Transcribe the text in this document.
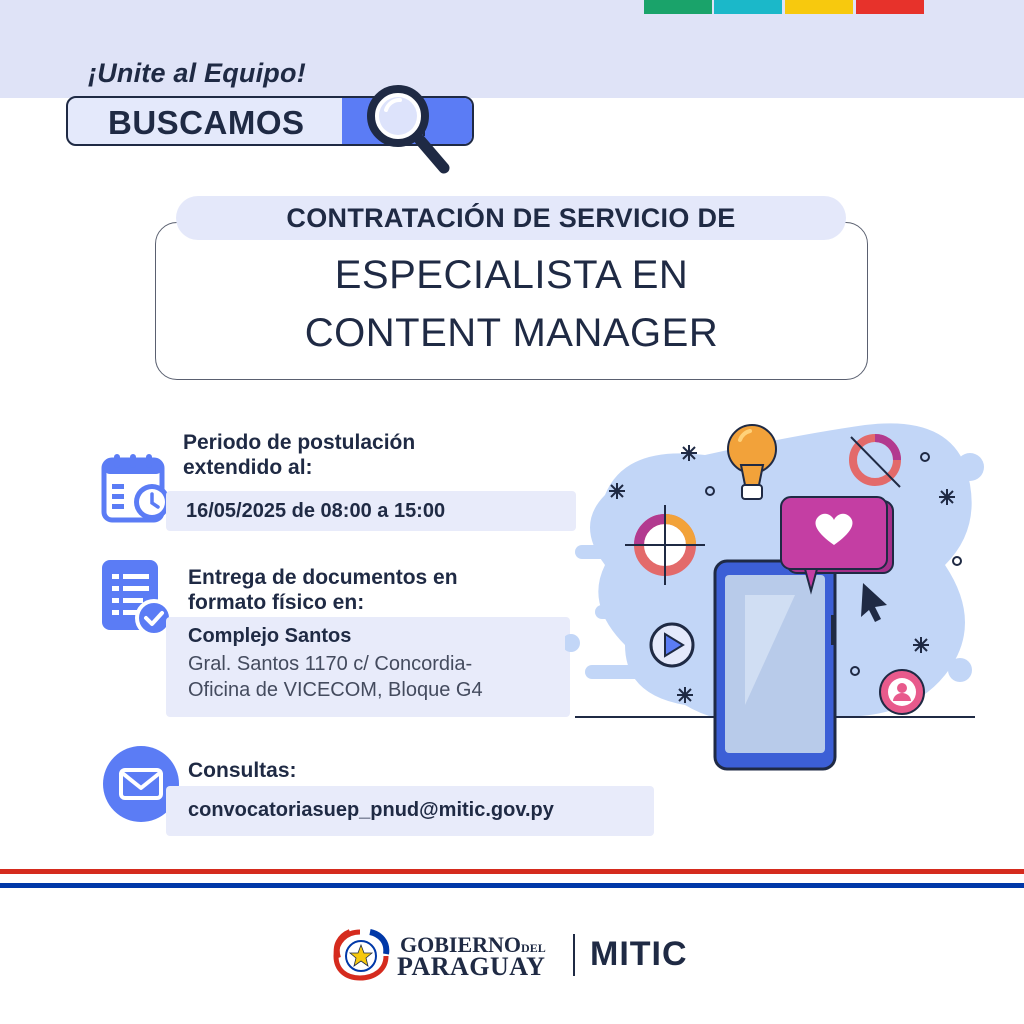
¡Unite al Equipo!
BUSCAMOS
CONTRATACIÓN DE SERVICIO DE
ESPECIALISTA EN
CONTENT MANAGER
Periodo de postulación
extendido al:
16/05/2025 de 08:00 a 15:00
Entrega de documentos en
formato físico en:
Complejo Santos
Gral. Santos 1170 c/ Concordia-
Oficina de VICECOM, Bloque G4
Consultas:
convocatoriasuep_pnud@mitic.gov.py
GOBIERNODEL
PARAGUAY MITIC
